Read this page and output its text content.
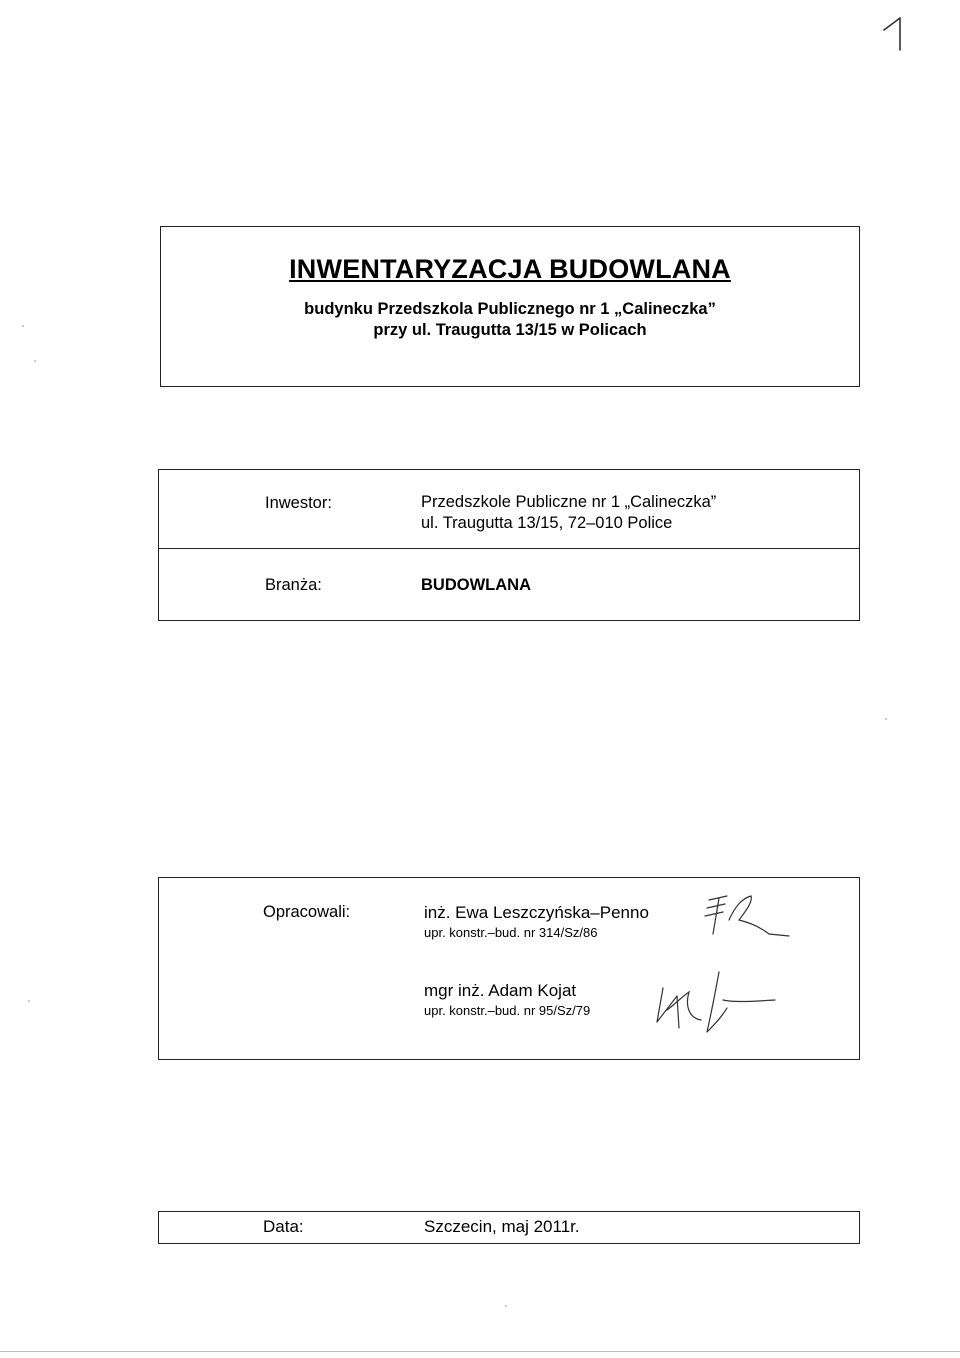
INWENTARYZACJA BUDOWLANA
budynku Przedszkola Publicznego nr 1 „Calineczka”
przy ul. Traugutta 13/15 w Policach
Inwestor:	Przedszkole Publiczne nr 1 „Calineczka”
ul. Traugutta 13/15, 72–010 Police
Branża:	BUDOWLANA
Opracowali:	inż. Ewa Leszczyńska–Penno
upr. konstr.–bud. nr 314/Sz/86
mgr inż. Adam Kojat
upr. konstr.–bud. nr 95/Sz/79
Data:	Szczecin, maj 2011r.
